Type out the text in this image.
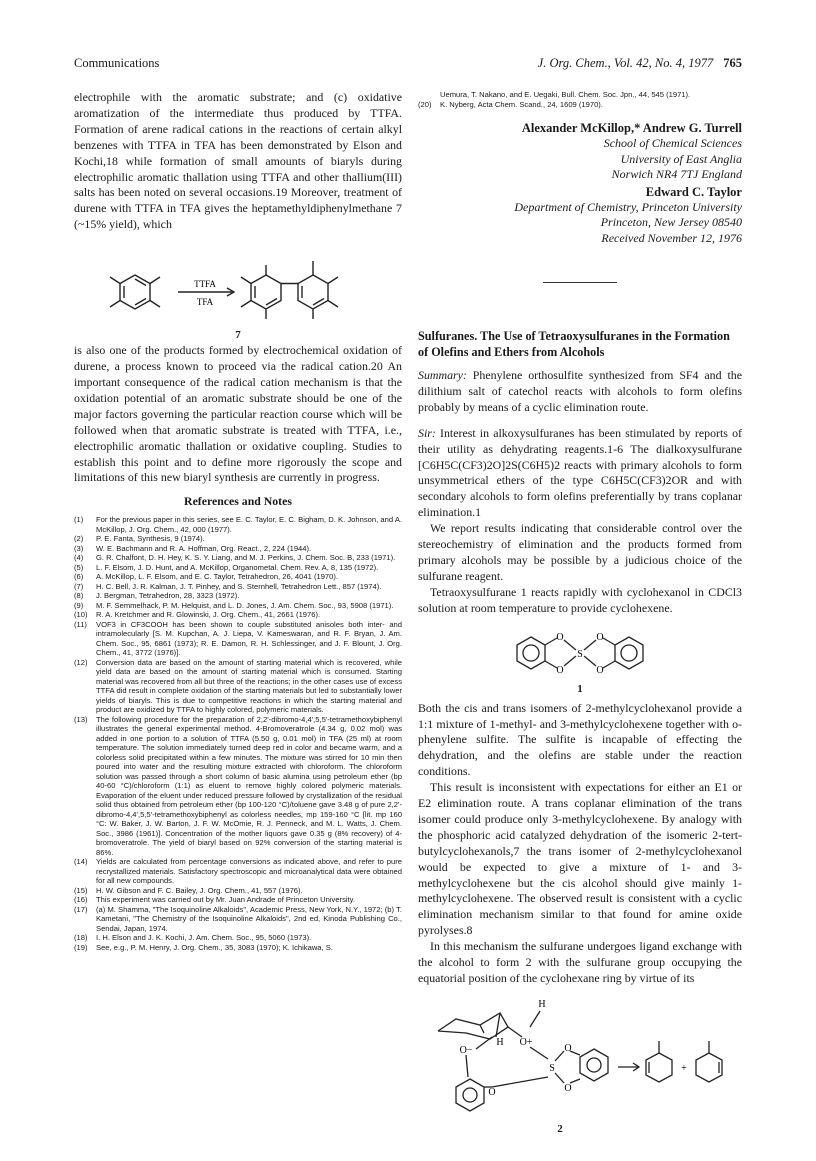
Communications	J. Org. Chem., Vol. 42, No. 4, 1977 765

electrophile with the aromatic substrate; and (c) oxidative aromatization of the intermediate thus produced by TTFA. Formation of arene radical cations in the reactions of certain alkyl benzenes with TTFA in TFA has been demonstrated by Elson and Kochi,18 while formation of small amounts of biaryls during electrophilic aromatic thallation using TTFA and other thallium(III) salts has been noted on several occasions.19 Moreover, treatment of durene with TTFA in TFA gives the heptamethyldiphenylmethane 7 (~15% yield), which

TTFA
TFA
7

is also one of the products formed by electrochemical oxidation of durene, a process known to proceed via the radical cation.20 An important consequence of the radical cation mechanism is that the oxidation potential of an aromatic substrate should be one of the major factors governing the particular reaction course which will be followed when that aromatic substrate is treated with TTFA, i.e., electrophilic aromatic thallation or oxidative coupling. Studies to establish this point and to define more rigorously the scope and limitations of this new biaryl synthesis are currently in progress.

References and Notes
(1)	For the previous paper in this series, see E. C. Taylor, E. C. Bigham, D. K. Johnson, and A. McKillop, J. Org. Chem., 42, 000 (1977).
(2)	P. E. Fanta, Synthesis, 9 (1974).
(3)	W. E. Bachmann and R. A. Hoffman, Org. React., 2, 224 (1944).
(4)	G. R. Chalfont, D. H. Hey, K. S. Y. Liang, and M. J. Perkins, J. Chem. Soc. B, 233 (1971).
(5)	L. F. Elsom, J. D. Hunt, and A. McKillop, Organometal. Chem. Rev. A, 8, 135 (1972).
(6)	A. McKillop, L. F. Elsom, and E. C. Taylor, Tetrahedron, 26, 4041 (1970).
(7)	H. C. Bell, J. R. Kalman, J. T. Pinhey, and S. Sternhell, Tetrahedron Lett., 857 (1974).
(8)	J. Bergman, Tetrahedron, 28, 3323 (1972).
(9)	M. F. Semmelhack, P. M. Helquist, and L. D. Jones, J. Am. Chem. Soc., 93, 5908 (1971).
(10)	R. A. Kretchmer and R. Glowinski, J. Org. Chem., 41, 2661 (1976).
(11)	VOF3 in CF3COOH has been shown to couple substituted anisoles both inter- and intramolecularly [S. M. Kupchan, A. J. Liepa, V. Kameswaran, and R. F. Bryan, J. Am. Chem. Soc., 95, 6861 (1973); R. E. Damon, R. H. Schlessinger, and J. F. Blount, J. Org. Chem., 41, 3772 (1976)].
(12)	Conversion data are based on the amount of starting material which is recovered, while yield data are based on the amount of starting material which is consumed. Starting material was recovered from all but three of the reactions; in the other cases use of excess TTFA did result in complete oxidation of the starting materials but led to substantially lower yields of biaryls. This is due to competitive reactions in which the starting material and product are oxidized by TTFA to highly colored, polymeric materials.
(13)	The following procedure for the preparation of 2,2'-dibromo-4,4',5,5'-tetramethoxybiphenyl illustrates the general experimental method. 4-Bromoveratrole (4.34 g, 0.02 mol) was added in one portion to a solution of TTFA (5.50 g, 0.01 mol) in TFA (25 ml) at room temperature. The solution immediately turned deep red in color and became warm, and a colorless solid precipitated within a few minutes. The mixture was stirred for 10 min then poured into water and the resulting mixture extracted with chloroform. The chloroform solution was passed through a short column of basic alumina using petroleum ether (bp 40-60 °C)/chloroform (1:1) as eluent to remove highly colored polymeric materials. Evaporation of the eluent under reduced pressure followed by crystallization of the residual solid thus obtained from petroleum ether (bp 100-120 °C)/toluene gave 3.48 g of pure 2,2'-dibromo-4,4',5,5'-tetramethoxybiphenyl as colorless needles, mp 159-160 °C [lit. mp 160 °C: W. Baker, J. W. Barton, J. F. W. McOmie, R. J. Penneck, and M. L. Watts, J. Chem. Soc., 3986 (1961)]. Concentration of the mother liquors gave 0.35 g (8% recovery) of 4-bromoveratrole. The yield of biaryl based on 92% conversion of the starting material is 86%.
(14)	Yields are calculated from percentage conversions as indicated above, and refer to pure recrystallized materials. Satisfactory spectroscopic and microanalytical data were obtained for all new compounds.
(15)	H. W. Gibson and F. C. Bailey, J. Org. Chem., 41, 557 (1976).
(16)	This experiment was carried out by Mr. Juan Andrade of Princeton University.
(17)	(a) M. Shamma, "The Isoquinoline Alkaloids", Academic Press, New York, N.Y., 1972; (b) T. Kametani, "The Chemistry of the Isoquinoline Alkaloids", 2nd ed, Kinoda Publishing Co., Sendai, Japan, 1974.
(18)	I. H. Elson and J. K. Kochi, J. Am. Chem. Soc., 95, 5060 (1973).
(19)	See, e.g., P. M. Henry, J. Org. Chem., 35, 3083 (1970); K. Ichikawa, S.
Uemura, T. Nakano, and E. Uegaki, Bull. Chem. Soc. Jpn., 44, 545 (1971).
(20)	K. Nyberg, Acta Chem. Scand., 24, 1609 (1970).
Alexander McKillop,* Andrew G. Turrell
School of Chemical Sciences
University of East Anglia
Norwich NR4 7TJ England
Edward C. Taylor
Department of Chemistry, Princeton University
Princeton, New Jersey 08540
Received November 12, 1976
Sulfuranes. The Use of Tetraoxysulfuranes in the Formation of Olefins and Ethers from Alcohols

Summary: Phenylene orthosulfite synthesized from SF4 and the dilithium salt of catechol reacts with alcohols to form olefins probably by means of a cyclic elimination route.

Sir: Interest in alkoxysulfuranes has been stimulated by reports of their utility as dehydrating reagents.1-6 The dialkoxysulfurane [C6H5C(CF3)2O]2S(C6H5)2 reacts with primary alcohols to form unsymmetrical ethers of the type C6H5C(CF3)2OR and with secondary alcohols to form olefins preferentially by trans coplanar elimination.1

We report results indicating that considerable control over the stereochemistry of elimination and the products formed from primary alcohols may be possible by a judicious choice of the sulfurane reagent.

Tetraoxysulfurane 1 reacts rapidly with cyclohexanol in CDCl3 solution at room temperature to provide cyclohexene.

O
O
S
O
O
1

Both the cis and trans isomers of 2-methylcyclohexanol provide a 1:1 mixture of 1-methyl- and 3-methylcyclohexene together with o-phenylene sulfite. The sulfite is incapable of effecting the dehydration, and the olefins are stable under the reaction conditions.

This result is inconsistent with expectations for either an E1 or E2 elimination route. A trans coplanar elimination of the trans isomer could produce only 3-methylcyclohexene. By analogy with the phosphoric acid catalyzed dehydration of the isomeric 2-tert-butylcyclohexanols,7 the trans isomer of 2-methylcyclohexanol would be expected to give a mixture of 1- and 3-methylcyclohexene but the cis alcohol should give mainly 1-methylcyclohexene. The observed result is consistent with a cyclic elimination mechanism similar to that found for amine oxide pyrolyses.8

In this mechanism the sulfurane undergoes ligand exchange with the alcohol to form 2 with the sulfurane group occupying the equatorial position of the cyclohexane ring by virtue of its

H
H O+
O−
S
O
O
O
+
2
